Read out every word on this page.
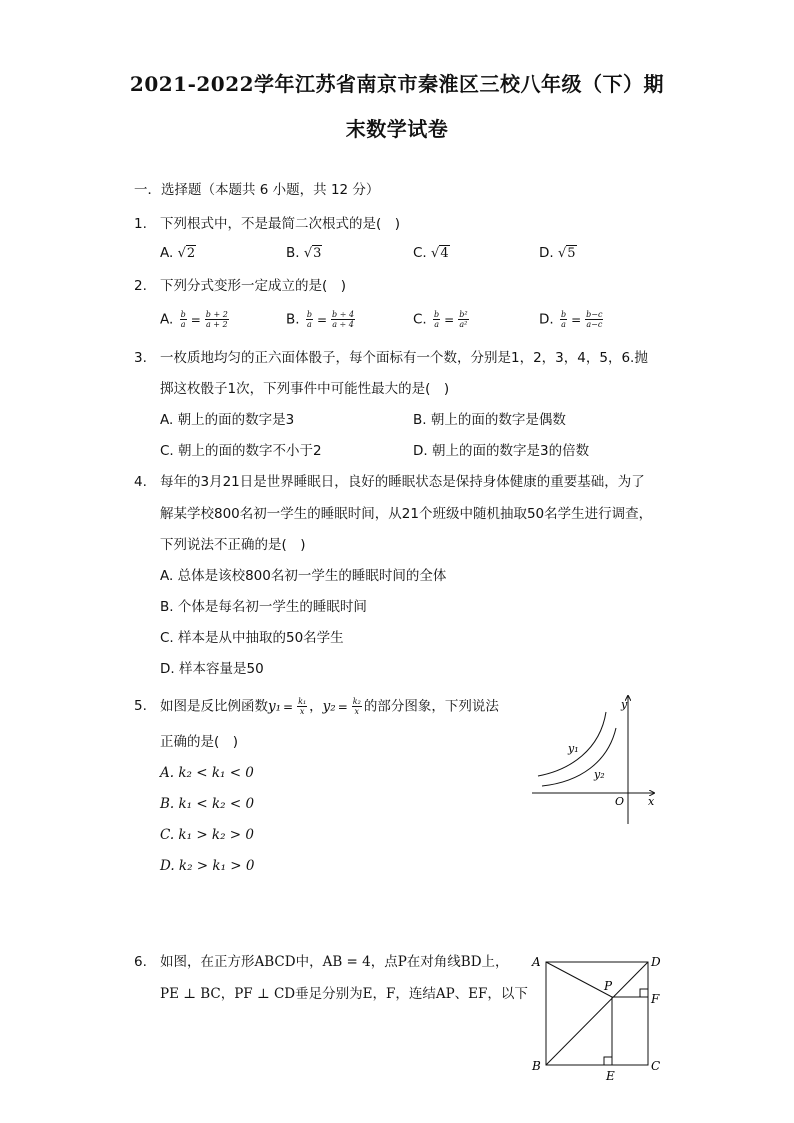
2021-2022学年江苏省南京市秦淮区三校八年级（下）期
末数学试卷
一．选择题（本题共 6 小题，共 12 分）
1. 下列根式中，不是最简二次根式的是(　)
A. √2	B. √3	C. √4	D. √5
2. 下列分式变形一定成立的是(　)
A. $\frac{b}{a} = \frac{b + 2}{a + 2}$	B. $\frac{b}{a} = \frac{b \div 4}{a \div 4}$	C. $\frac{b}{a} = \frac{\text{b²}}{\text{a²}}$	D. $\frac{b}{a} = \frac{b-c}{a-c}$
3. 一枚质地均匀的正六面体骰子，每个面标有一个数，分别是1，2，3，4，5，6.抛
掷这枚骰子1次，下列事件中可能性最大的是(　)
A. 朝上的面的数字是3	B. 朝上的面的数字是偶数
C. 朝上的面的数字不小于2	D. 朝上的面的数字是3的倍数
4. 每年的3月21日是世界睡眠日，良好的睡眠状态是保持身体健康的重要基础，为了
解某学校800名初一学生的睡眠时间，从21个班级中随机抽取50名学生进行调查，
下列说法不正确的是(　)
A. 总体是该校800名初一学生的睡眠时间的全体
B. 个体是每名初一学生的睡眠时间
C. 样本是从中抽取的50名学生
D. 样本容量是50
5. 如图是反比例函数$y_1 = \frac{\text{k₁}}{x}$ ，$y_2 = \frac{\text{k₂}}{x}$ 的部分图象，下列说法
正确的是(　)
A. k₂ < k₁ < 0
B. k₁ < k₂ < 0
C. k₁ > k₂ > 0
D. k₂ > k₁ > 0
y
x
O
y₁
y₂
6. 如图，在正方形ABCD中，AB = 4，点P在对角线BD上，
PE ⊥ BC，PF ⊥ CD垂足分别为E，F，连结AP、EF，以下
A	D
B	C
P
F
E
